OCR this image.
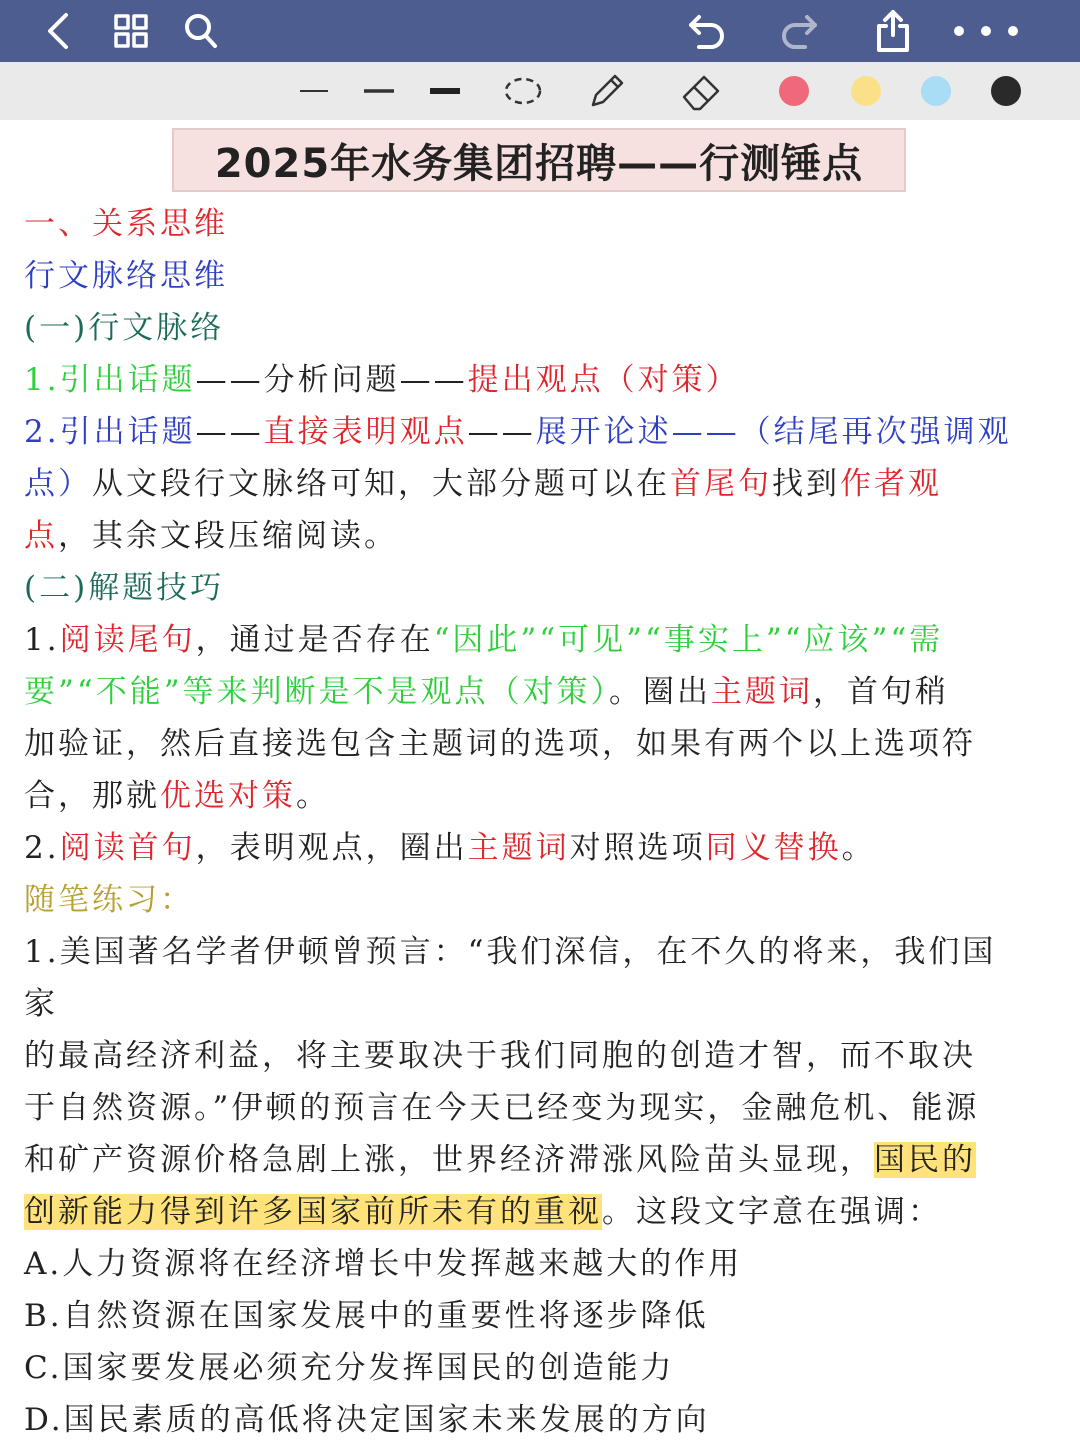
2025年水务集团招聘——行测锤点
一、关系思维
行文脉络思维
(一)行文脉络
1.引出话题——分析问题——提出观点（对策）
2.引出话题——直接表明观点——展开论述——（结尾再次强调观
点）从文段行文脉络可知，大部分题可以在首尾句找到作者观
点，其余文段压缩阅读。
(二)解题技巧
1.阅读尾句，通过是否存在“因此”“可见”“事实上”“应该”“需
要”“不能”等来判断是不是观点（对策）。圈出主题词，首句稍
加验证，然后直接选包含主题词的选项，如果有两个以上选项符
合，那就优选对策。
2.阅读首句，表明观点，圈出主题词对照选项同义替换。
随笔练习：
1.美国著名学者伊顿曾预言：“我们深信，在不久的将来，我们国
家
的最高经济利益，将主要取决于我们同胞的创造才智，而不取决
于自然资源。”伊顿的预言在今天已经变为现实，金融危机、能源
和矿产资源价格急剧上涨，世界经济滞涨风险苗头显现，国民的
创新能力得到许多国家前所未有的重视。这段文字意在强调：
A.人力资源将在经济增长中发挥越来越大的作用
B.自然资源在国家发展中的重要性将逐步降低
C.国家要发展必须充分发挥国民的创造能力
D.国民素质的高低将决定国家未来发展的方向
